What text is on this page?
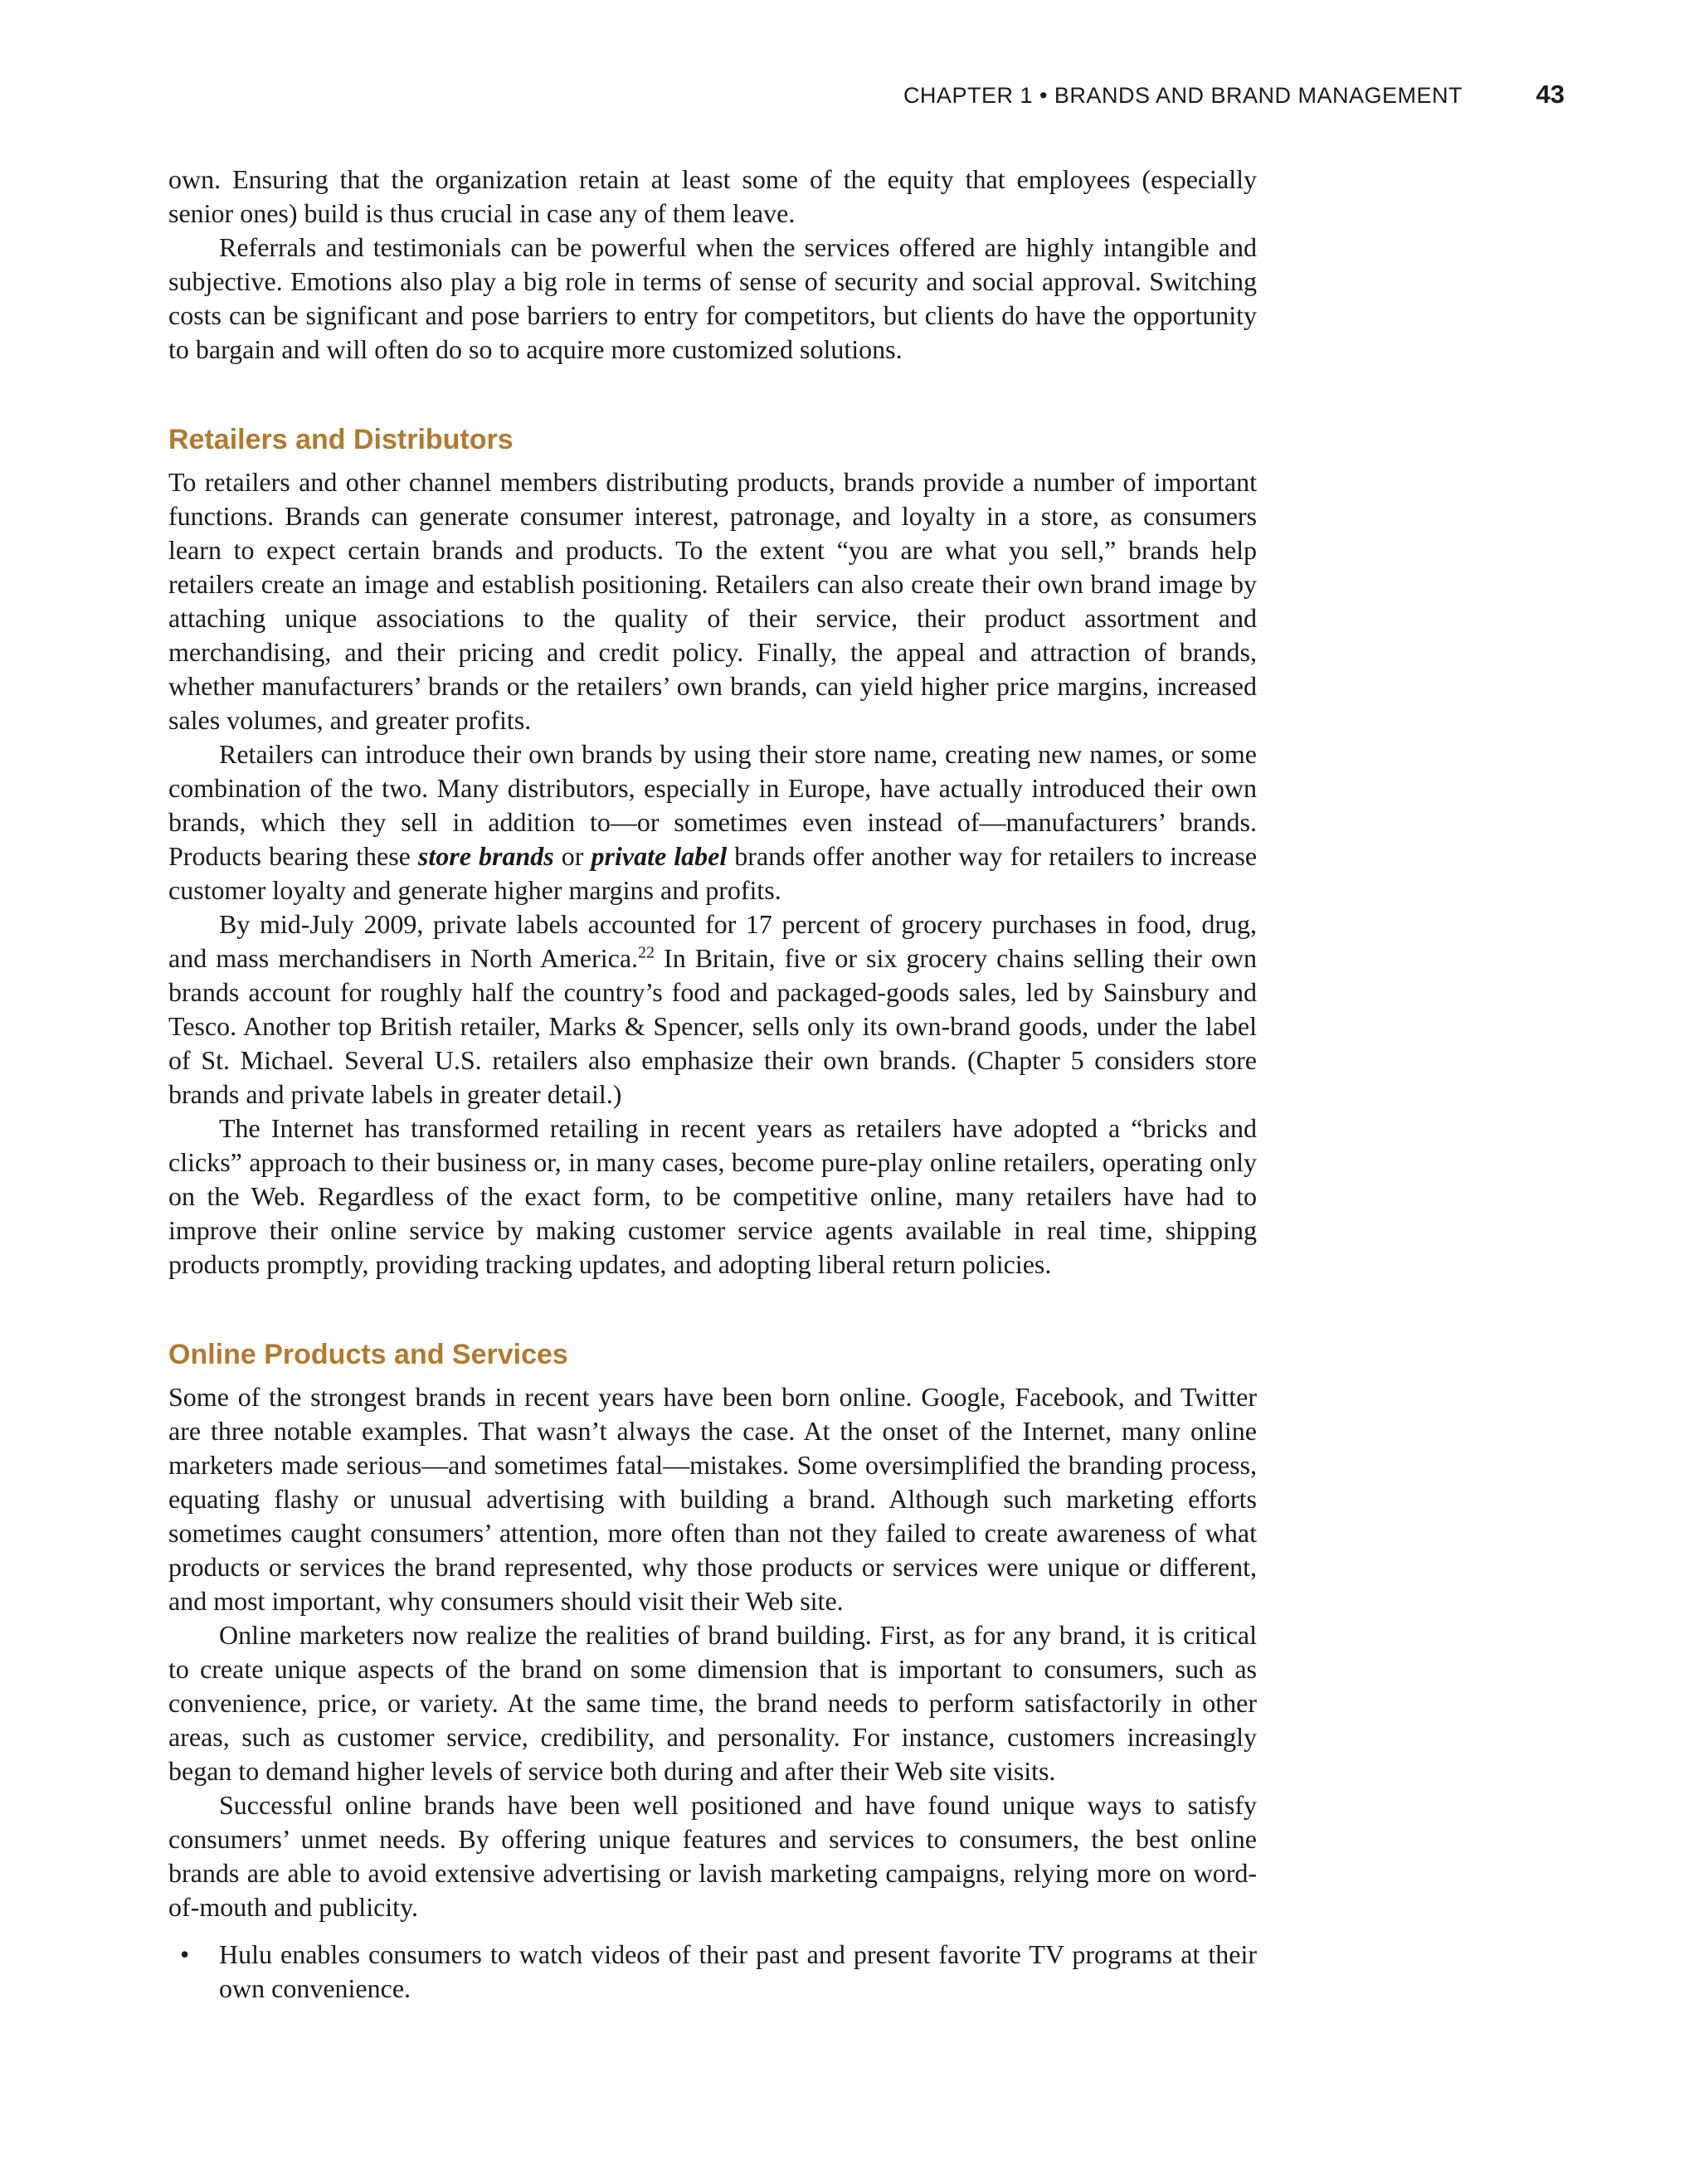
CHAPTER 1 • BRANDS AND BRAND MANAGEMENT	43

own. Ensuring that the organization retain at least some of the equity that employees (especially senior ones) build is thus crucial in case any of them leave.

Referrals and testimonials can be powerful when the services offered are highly intangible and subjective. Emotions also play a big role in terms of sense of security and social approval. Switching costs can be significant and pose barriers to entry for competitors, but clients do have the opportunity to bargain and will often do so to acquire more customized solutions.

Retailers and Distributors

To retailers and other channel members distributing products, brands provide a number of important functions. Brands can generate consumer interest, patronage, and loyalty in a store, as consumers learn to expect certain brands and products. To the extent “you are what you sell,” brands help retailers create an image and establish positioning. Retailers can also create their own brand image by attaching unique associations to the quality of their service, their product assortment and merchandising, and their pricing and credit policy. Finally, the appeal and attraction of brands, whether manufacturers’ brands or the retailers’ own brands, can yield higher price margins, increased sales volumes, and greater profits.

Retailers can introduce their own brands by using their store name, creating new names, or some combination of the two. Many distributors, especially in Europe, have actually introduced their own brands, which they sell in addition to—or sometimes even instead of—manufacturers’ brands. Products bearing these store brands or private label brands offer another way for retailers to increase customer loyalty and generate higher margins and profits.

By mid-July 2009, private labels accounted for 17 percent of grocery purchases in food, drug, and mass merchandisers in North America.$^{22}$ In Britain, five or six grocery chains selling their own brands account for roughly half the country’s food and packaged-goods sales, led by Sainsbury and Tesco. Another top British retailer, Marks & Spencer, sells only its own-brand goods, under the label of St. Michael. Several U.S. retailers also emphasize their own brands. (Chapter 5 considers store brands and private labels in greater detail.)

The Internet has transformed retailing in recent years as retailers have adopted a “bricks and clicks” approach to their business or, in many cases, become pure-play online retailers, operating only on the Web. Regardless of the exact form, to be competitive online, many retailers have had to improve their online service by making customer service agents available in real time, shipping products promptly, providing tracking updates, and adopting liberal return policies.

Online Products and Services

Some of the strongest brands in recent years have been born online. Google, Facebook, and Twitter are three notable examples. That wasn’t always the case. At the onset of the Internet, many online marketers made serious—and sometimes fatal—mistakes. Some oversimplified the branding process, equating flashy or unusual advertising with building a brand. Although such marketing efforts sometimes caught consumers’ attention, more often than not they failed to create awareness of what products or services the brand represented, why those products or services were unique or different, and most important, why consumers should visit their Web site.

Online marketers now realize the realities of brand building. First, as for any brand, it is critical to create unique aspects of the brand on some dimension that is important to consumers, such as convenience, price, or variety. At the same time, the brand needs to perform satisfactorily in other areas, such as customer service, credibility, and personality. For instance, customers increasingly began to demand higher levels of service both during and after their Web site visits.

Successful online brands have been well positioned and have found unique ways to satisfy consumers’ unmet needs. By offering unique features and services to consumers, the best online brands are able to avoid extensive advertising or lavish marketing campaigns, relying more on word-of-mouth and publicity.

• Hulu enables consumers to watch videos of their past and present favorite TV programs at their own convenience.
